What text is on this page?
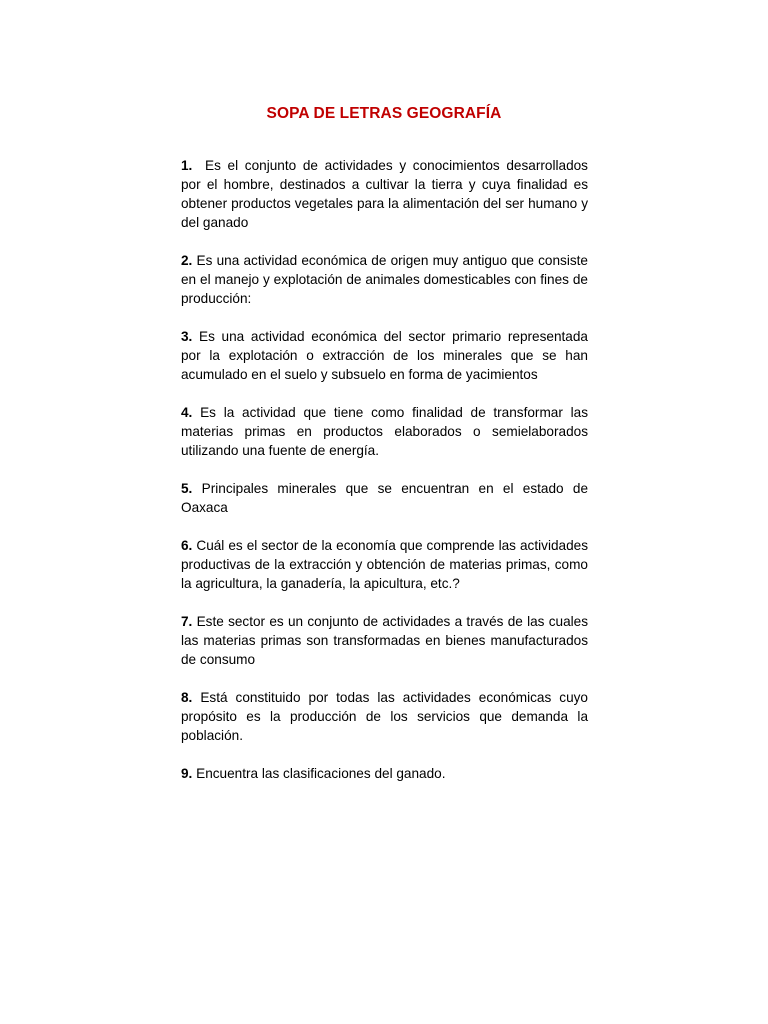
SOPA DE LETRAS GEOGRAFÍA

1. Es el conjunto de actividades y conocimientos desarrollados por el hombre, destinados a cultivar la tierra y cuya finalidad es obtener productos vegetales para la alimentación del ser humano y del ganado

2. Es una actividad económica de origen muy antiguo que consiste en el manejo y explotación de animales domesticables con fines de producción:

3. Es una actividad económica del sector primario representada por la explotación o extracción de los minerales que se han acumulado en el suelo y subsuelo en forma de yacimientos

4. Es la actividad que tiene como finalidad de transformar las materias primas en productos elaborados o semielaborados utilizando una fuente de energía.

5. Principales minerales que se encuentran en el estado de Oaxaca

6. Cuál es el sector de la economía que comprende las actividades productivas de la extracción y obtención de materias primas, como la agricultura, la ganadería, la apicultura, etc.?

7. Este sector es un conjunto de actividades a través de las cuales las materias primas son transformadas en bienes manufacturados de consumo

8. Está constituido por todas las actividades económicas cuyo propósito es la producción de los servicios que demanda la población.

9. Encuentra las clasificaciones del ganado.
